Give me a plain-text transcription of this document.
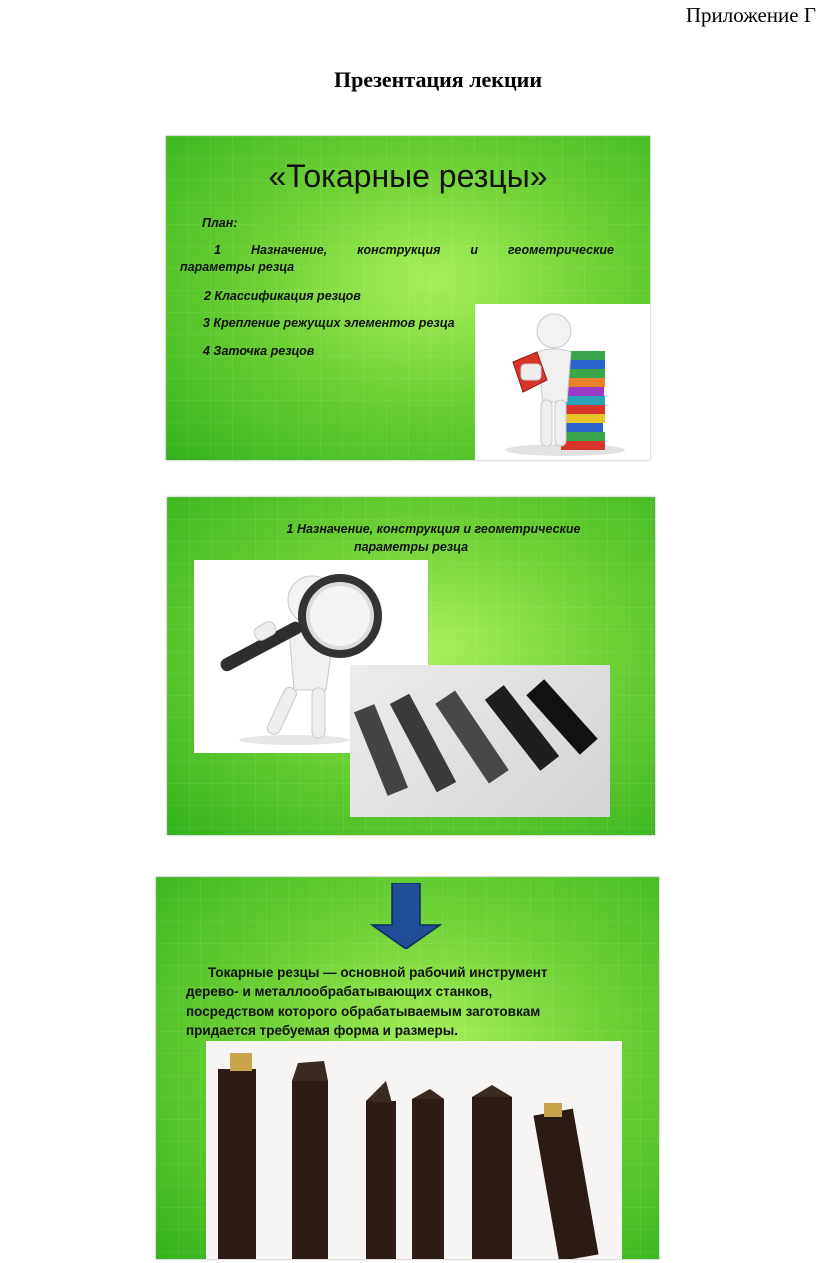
Приложение Г
Презентация лекции
«Токарные резцы»
План:
1 Назначение, конструкция и геометрические
параметры резца
2 Классификация резцов
3 Крепление режущих элементов резца
4 Заточка резцов
1 Назначение, конструкция и геометрические
параметры резца
Токарные резцы — основной рабочий инструмент
дерево- и металлообрабатывающих станков,
посредством которого обрабатываемым заготовкам
придается требуемая форма и размеры.
